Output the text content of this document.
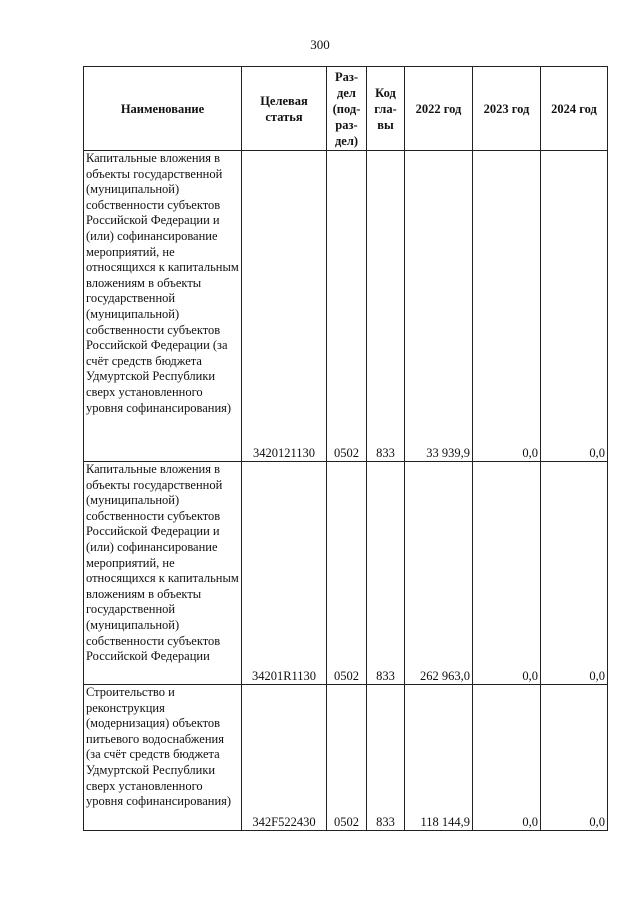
300
Наименование	Целевая статья	Раз-дел (под-раз-дел)	Код гла-вы	2022 год	2023 год	2024 год
Капитальные вложения в объекты государственной (муниципальной) собственности субъектов Российской Федерации и (или) софинансирование мероприятий, не относящихся к капитальным вложениям в объекты государственной (муниципальной) собственности субъектов Российской Федерации (за счёт средств бюджета Удмуртской Республики сверх установленного уровня софинансирования)	3420121130	0502	833	33 939,9	0,0	0,0
Капитальные вложения в объекты государственной (муниципальной) собственности субъектов Российской Федерации и (или) софинансирование мероприятий, не относящихся к капитальным вложениям в объекты государственной (муниципальной) собственности субъектов Российской Федерации	34201R1130	0502	833	262 963,0	0,0	0,0
Строительство и реконструкция (модернизация) объектов питьевого водоснабжения (за счёт средств бюджета Удмуртской Республики сверх установленного уровня софинансирования)	342F522430	0502	833	118 144,9	0,0	0,0
